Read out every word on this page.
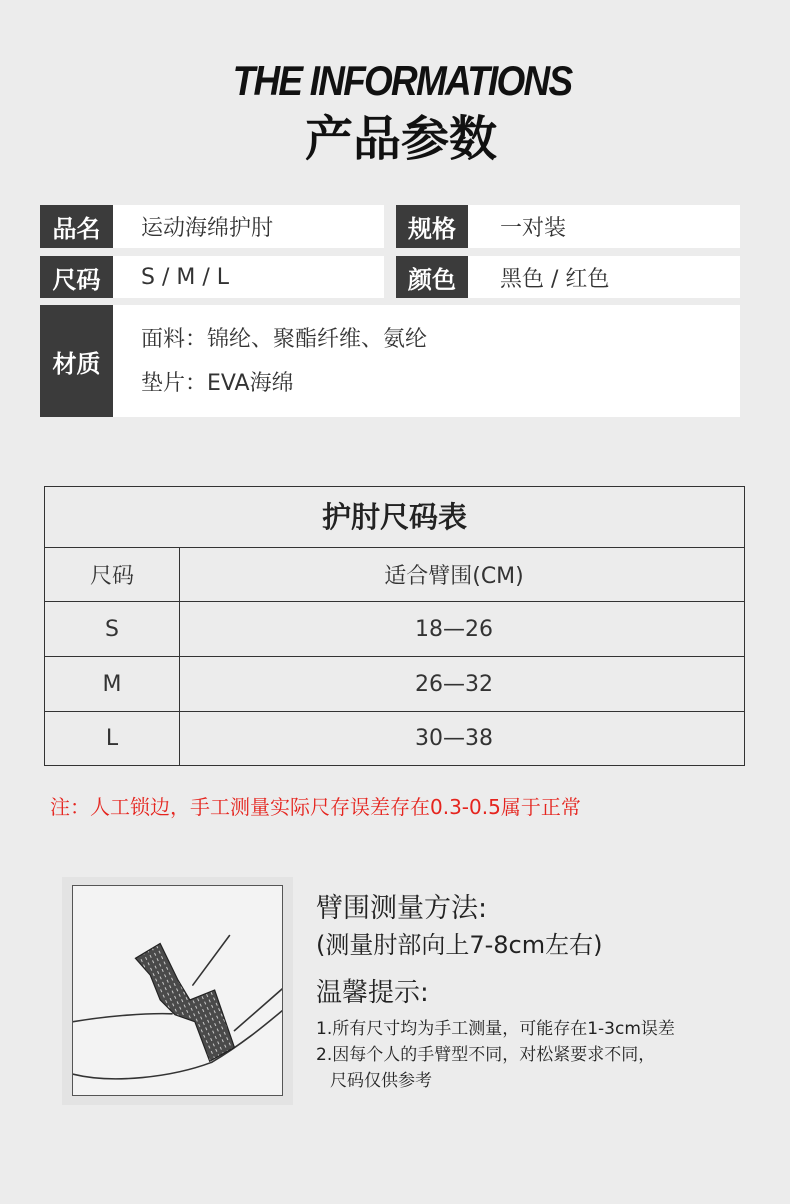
THE INFORMATIONS
产品参数
品名	运动海绵护肘	规格	一对装
尺码	S / M / L	颜色	黑色 / 红色
材质
面料：锦纶、聚酯纤维、氨纶
垫片：EVA海绵
护肘尺码表
尺码	适合臂围(CM)
S	18—26
M	26—32
L	30—38
注：人工锁边，手工测量实际尺存误差存在0.3-0.5属于正常
臂围测量方法:
(测量肘部向上7-8cm左右)
温馨提示:
1.所有尺寸均为手工测量，可能存在1-3cm误差
2.因每个人的手臂型不同，对松紧要求不同，
尺码仅供参考
